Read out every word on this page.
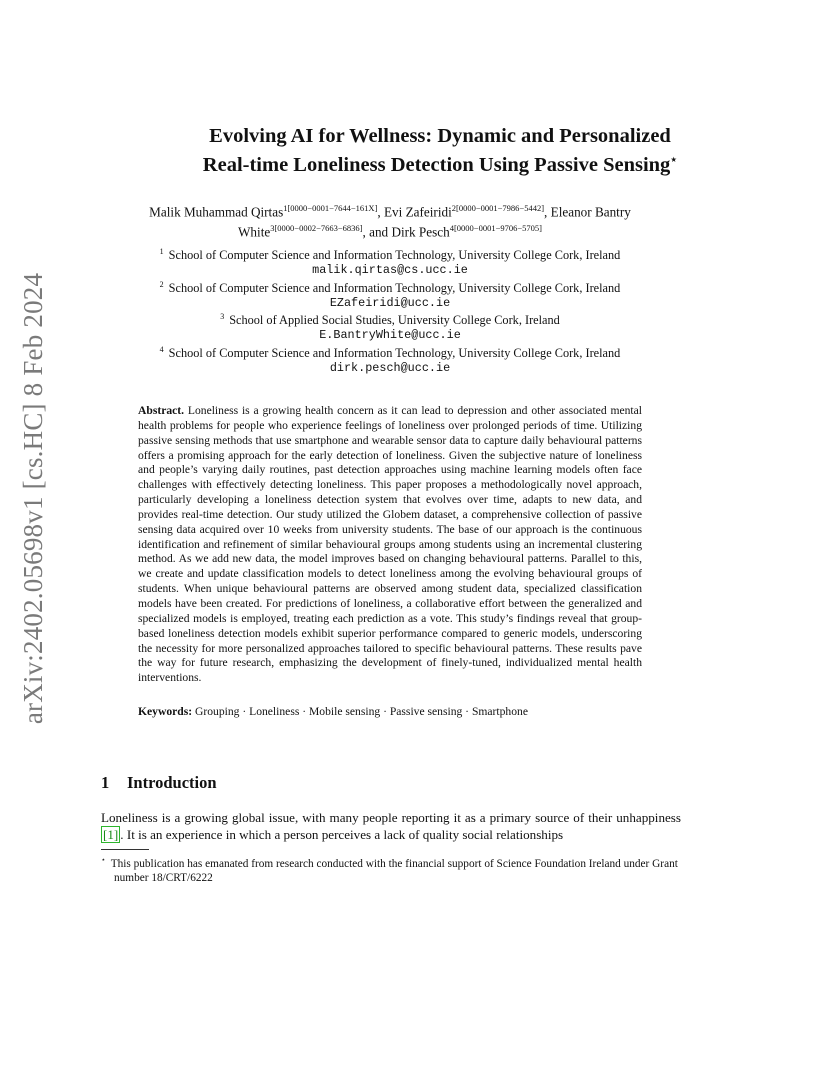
arXiv:2402.05698v1 [cs.HC] 8 Feb 2024
Evolving AI for Wellness: Dynamic and Personalized
Real-time Loneliness Detection Using Passive Sensing⋆
Malik Muhammad Qirtas$^{1[0000-0001-7644-161X]}$, Evi Zafeiridi$^{2[0000-0001-7986-5442]}$, Eleanor Bantry White$^{3[0000-0002-7663-6836]}$, and Dirk Pesch$^{4[0000-0001-9706-5705]}$
$^1$ School of Computer Science and Information Technology, University College Cork, Ireland
malik.qirtas@cs.ucc.ie
$^2$ School of Computer Science and Information Technology, University College Cork, Ireland
EZafeiridi@ucc.ie
$^3$ School of Applied Social Studies, University College Cork, Ireland
E.BantryWhite@ucc.ie
$^4$ School of Computer Science and Information Technology, University College Cork, Ireland
dirk.pesch@ucc.ie
Abstract. Loneliness is a growing health concern as it can lead to depression and other associated mental health problems for people who experience feelings of loneliness over prolonged periods of time. Utilizing passive sensing methods that use smartphone and wearable sensor data to capture daily behavioural patterns offers a promising approach for the early detection of loneliness. Given the subjective nature of loneliness and people’s varying daily routines, past detection approaches using machine learning models often face challenges with effectively detecting loneliness. This paper proposes a methodologically novel approach, particularly developing a loneliness detection system that evolves over time, adapts to new data, and provides real-time detection. Our study utilized the Globem dataset, a comprehensive collection of passive sensing data acquired over 10 weeks from university students. The base of our approach is the continuous identification and refinement of similar behavioural groups among students using an incremental clustering method. As we add new data, the model improves based on changing behavioural patterns. Parallel to this, we create and update classification models to detect loneliness among the evolving behavioural groups of students. When unique behavioural patterns are observed among student data, specialized classification models have been created. For predictions of loneliness, a collaborative effort between the generalized and specialized models is employed, treating each prediction as a vote. This study’s findings reveal that group-based loneliness detection models exhibit superior performance compared to generic models, underscoring the necessity for more personalized approaches tailored to specific behavioural patterns. These results pave the way for future research, emphasizing the development of finely-tuned, individualized mental health interventions.
Keywords: Grouping · Loneliness · Mobile sensing · Passive sensing · Smartphone
1 Introduction
Loneliness is a growing global issue, with many people reporting it as a primary source of their unhappiness [1] . It is an experience in which a person perceives a lack of quality social relationships
⋆ This publication has emanated from research conducted with the financial support of Science Foundation Ireland under Grant number 18/CRT/6222
